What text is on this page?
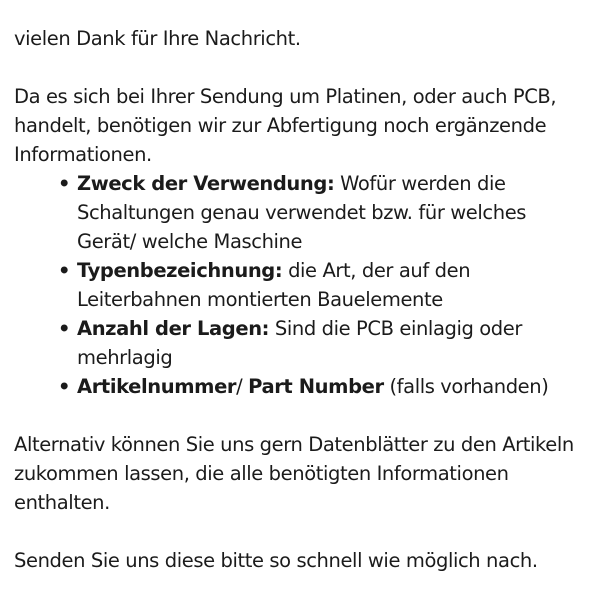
vielen Dank für Ihre Nachricht.

Da es sich bei Ihrer Sendung um Platinen, oder auch PCB, handelt, benötigen wir zur Abfertigung noch ergänzende Informationen.

• Zweck der Verwendung: Wofür werden die Schaltungen genau verwendet bzw. für welches Gerät/ welche Maschine
• Typenbezeichnung: die Art, der auf den Leiterbahnen montierten Bauelemente
• Anzahl der Lagen: Sind die PCB einlagig oder mehrlagig
• Artikelnummer/ Part Number (falls vorhanden)

Alternativ können Sie uns gern Datenblätter zu den Artikeln zukommen lassen, die alle benötigten Informationen enthalten.

Senden Sie uns diese bitte so schnell wie möglich nach.
